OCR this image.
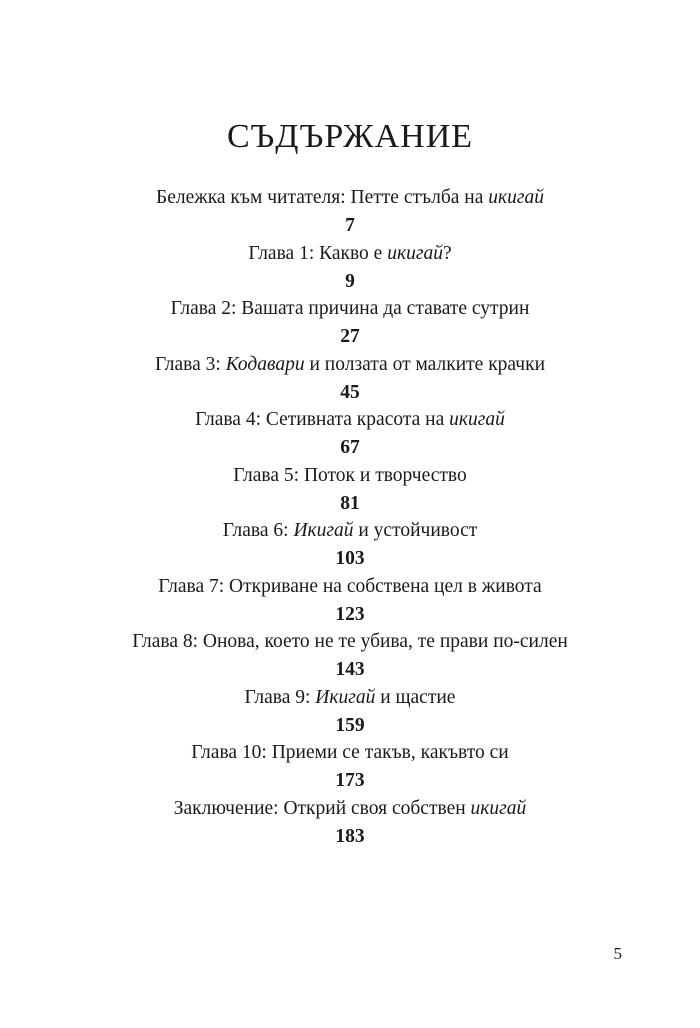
СЪДЪРЖАНИЕ
Бележка към читателя: Петте стълба на икигай
7
Глава 1: Какво е икигай?
9
Глава 2: Вашата причина да ставате сутрин
27
Глава 3: Кодавари и ползата от малките крачки
45
Глава 4: Сетивната красота на икигай
67
Глава 5: Поток и творчество
81
Глава 6: Икигай и устойчивост
103
Глава 7: Откриване на собствена цел в живота
123
Глава 8: Онова, което не те убива, те прави по-силен
143
Глава 9: Икигай и щастие
159
Глава 10: Приеми се такъв, какъвто си
173
Заключение: Открий своя собствен икигай
183
5
